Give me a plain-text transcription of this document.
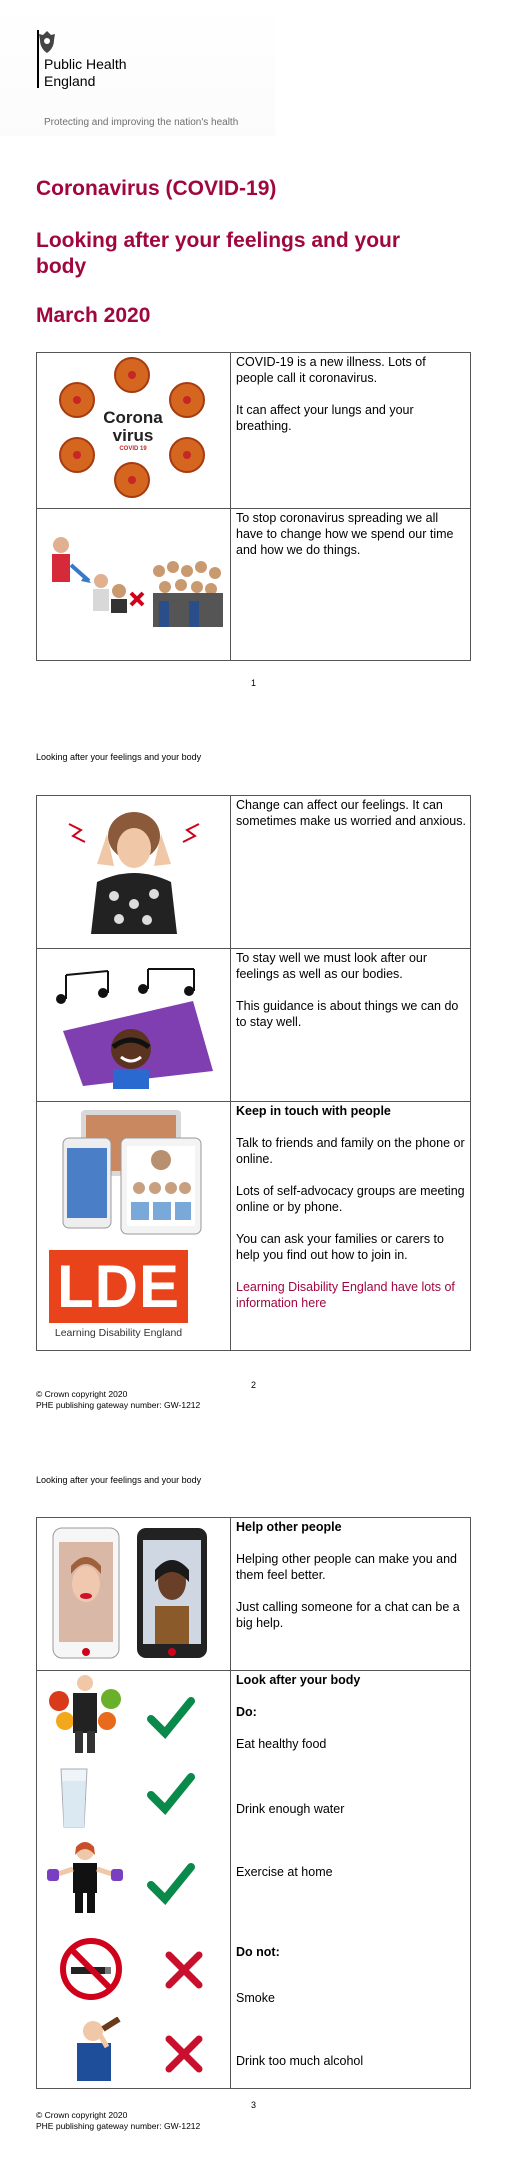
Public Health
England
Protecting and improving the nation's health
Coronavirus (COVID-19)
Looking after your feelings and your
body
March 2020
Corona
virus
COVID 19

COVID-19 is a new illness. Lots of people call it coronavirus.

It can affect your lungs and your breathing.

To stop coronavirus spreading we all have to change how we spend our time and how we do things.

1
Looking after your feelings and your body

Change can affect our feelings. It can sometimes make us worried and anxious.

To stay well we must look after our feelings as well as our bodies.

This guidance is about things we can do to stay well.

LDE
Learning Disability England

Keep in touch with people

Talk to friends and family on the phone or online.

Lots of self-advocacy groups are meeting online or by phone.

You can ask your families or carers to help you find out how to join in.

Learning Disability England have lots of information here

2
© Crown copyright 2020
PHE publishing gateway number: GW-1212
Looking after your feelings and your body

Help other people

Helping other people can make you and them feel better.

Just calling someone for a chat can be a big help.

Look after your body
Do:
Eat healthy food
Drink enough water
Exercise at home
Do not:
Smoke
Drink too much alcohol
3
© Crown copyright 2020
PHE publishing gateway number: GW-1212
